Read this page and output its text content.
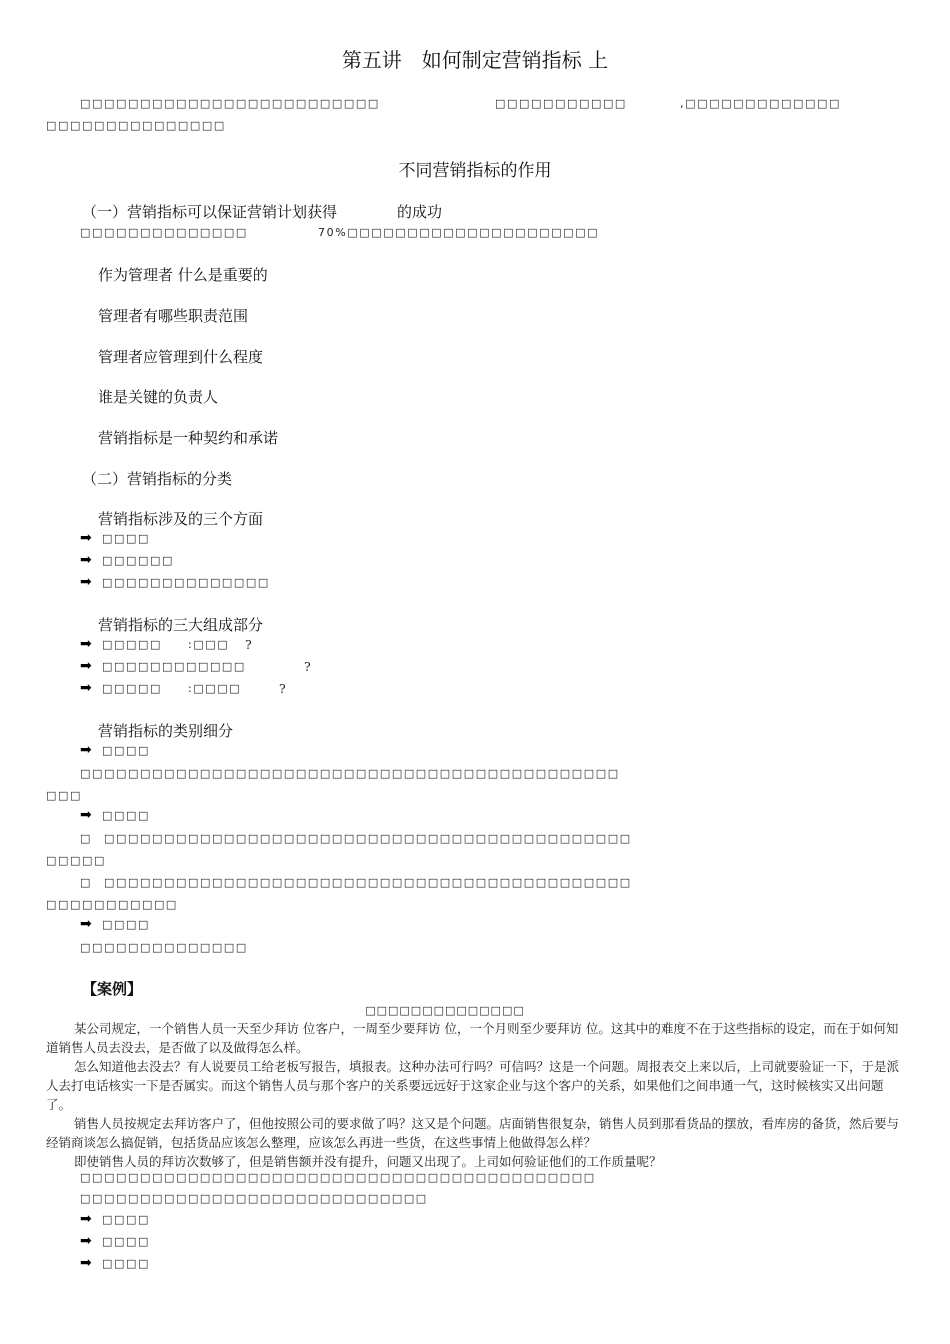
第五讲　如何制定营销指标 上
□□□□□□□□□□□□□□□□□□□□□□□□□	□□□□□□□□□□□	,□□□□□□□□□□□□□
□□□□□□□□□□□□□□□
不同营销指标的作用
（一）营销指标可以保证营销计划获得	的成功
□□□□□□□□□□□□□□	70%□□□□□□□□□□□□□□□□□□□□□
作为管理者 什么是重要的
管理者有哪些职责范围
管理者应管理到什么程度
谁是关键的负责人
营销指标是一种契约和承诺
（二）营销指标的分类
营销指标涉及的三个方面
➡ □□□□
➡ □□□□□□
➡ □□□□□□□□□□□□□□
营销指标的三大组成部分
➡ □□□□□ :□□□ ?
➡ □□□□□□□□□□□□	?
➡ □□□□□ :□□□□	?
营销指标的类别细分
➡ □□□□
□□□□□□□□□□□□□□□□□□□□□□□□□□□□□□□□□□□□□□□□□□□□□
□□□
➡ □□□□
□ □□□□□□□□□□□□□□□□□□□□□□□□□□□□□□□□□□□□□□□□□□□□
□□□□□
□ □□□□□□□□□□□□□□□□□□□□□□□□□□□□□□□□□□□□□□□□□□□□
□□□□□□□□□□□
➡ □□□□
□□□□□□□□□□□□□□
【案例】
□□□□□□□□□□□□□□
某公司规定，一个销售人员一天至少拜访 位客户，一周至少要拜访 位，一个月则至少要拜访 位。这其中的难度不在于这些指标的设定，而在于如何知道销售人员去没去，是否做了以及做得怎么样。
怎么知道他去没去？有人说要员工给老板写报告，填报表。这种办法可行吗？可信吗？这是一个问题。周报表交上来以后，上司就要验证一下，于是派人去打电话核实一下是否属实。而这个销售人员与那个客户的关系要远远好于这家企业与这个客户的关系，如果他们之间串通一气，这时候核实又出问题了。
销售人员按规定去拜访客户了，但他按照公司的要求做了吗？这又是个问题。店面销售很复杂，销售人员到那看货品的摆放，看库房的备货，然后要与经销商谈怎么搞促销，包括货品应该怎么整理，应该怎么再进一些货，在这些事情上他做得怎么样？
即使销售人员的拜访次数够了，但是销售额并没有提升，问题又出现了。上司如何验证他们的工作质量呢？
□□□□□□□□□□□□□□□□□□□□□□□□□□□□□□□□□□□□□□□□□□□
□□□□□□□□□□□□□□□□□□□□□□□□□□□□□
➡ □□□□
➡ □□□□
➡ □□□□
